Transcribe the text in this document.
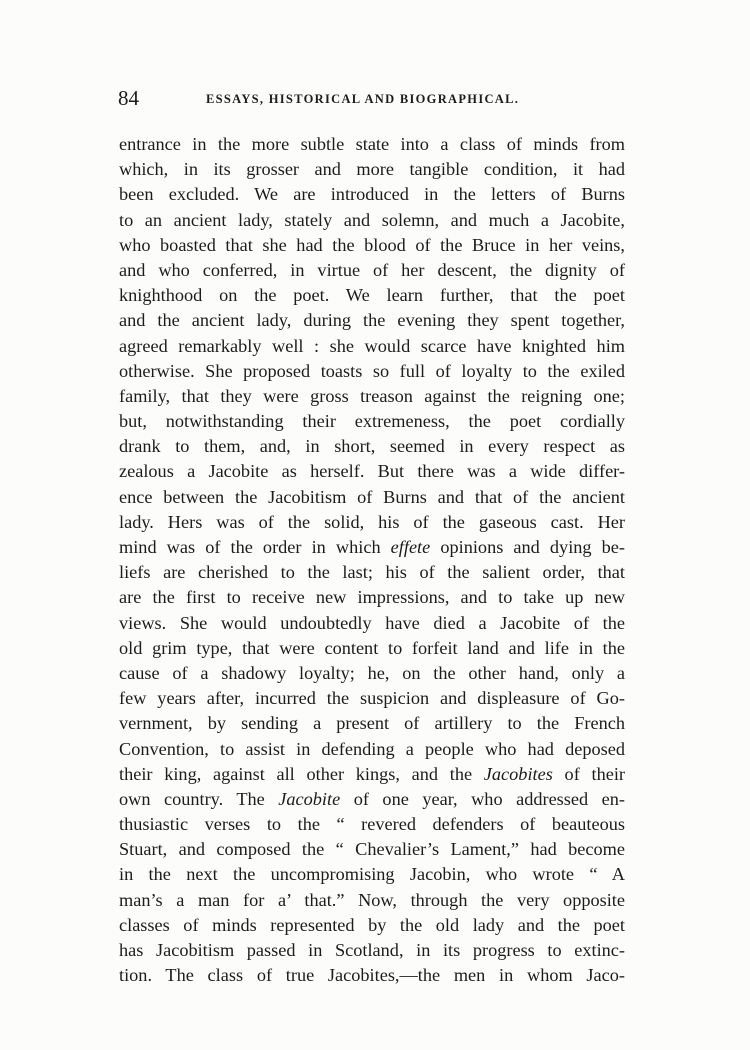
84	ESSAYS, HISTORICAL AND BIOGRAPHICAL.
entrance in the more subtle state into a class of minds from
which, in its grosser and more tangible condition, it had
been excluded. We are introduced in the letters of Burns
to an ancient lady, stately and solemn, and much a Jacobite,
who boasted that she had the blood of the Bruce in her veins,
and who conferred, in virtue of her descent, the dignity of
knighthood on the poet. We learn further, that the poet
and the ancient lady, during the evening they spent together,
agreed remarkably well : she would scarce have knighted him
otherwise. She proposed toasts so full of loyalty to the exiled
family, that they were gross treason against the reigning one;
but, notwithstanding their extremeness, the poet cordially
drank to them, and, in short, seemed in every respect as
zealous a Jacobite as herself. But there was a wide differ-
ence between the Jacobitism of Burns and that of the ancient
lady. Hers was of the solid, his of the gaseous cast. Her
mind was of the order in which effete opinions and dying be-
liefs are cherished to the last; his of the salient order, that
are the first to receive new impressions, and to take up new
views. She would undoubtedly have died a Jacobite of the
old grim type, that were content to forfeit land and life in the
cause of a shadowy loyalty; he, on the other hand, only a
few years after, incurred the suspicion and displeasure of Go-
vernment, by sending a present of artillery to the French
Convention, to assist in defending a people who had deposed
their king, against all other kings, and the Jacobites of their
own country. The Jacobite of one year, who addressed en-
thusiastic verses to the “ revered defenders of beauteous
Stuart, and composed the “ Chevalier’s Lament,” had become
in the next the uncompromising Jacobin, who wrote “ A
man’s a man for a’ that.” Now, through the very opposite
classes of minds represented by the old lady and the poet
has Jacobitism passed in Scotland, in its progress to extinc-
tion. The class of true Jacobites,—the men in whom Jaco-
